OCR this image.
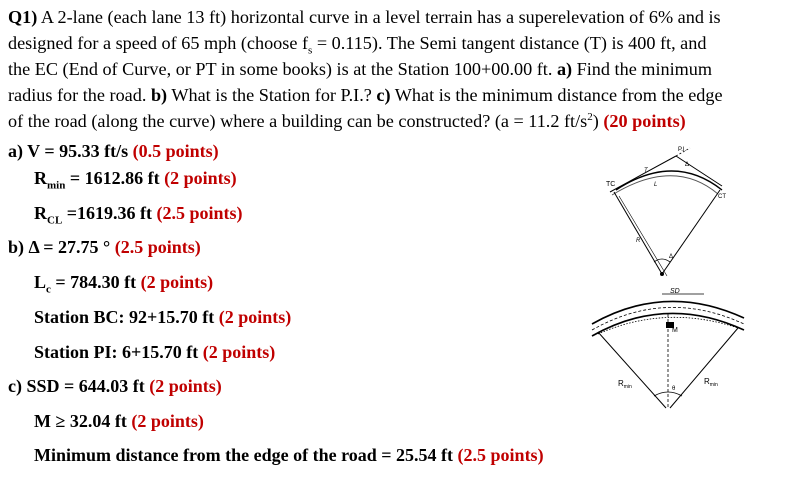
Q1) A 2-lane (each lane 13 ft) horizontal curve in a level terrain has a superelevation of 6% and is
designed for a speed of 65 mph (choose $f_s = 0.115$). The Semi tangent distance (T) is 400 ft, and
the EC (End of Curve, or PT in some books) is at the Station 100+00.00 ft. a) Find the minimum
radius for the road. b) What is the Station for P.I.? c) What is the minimum distance from the edge
of the road (along the curve) where a building can be constructed? (a = 11.2 $ft/s^2$) (20 points)
a) V = 95.33 ft/s (0.5 points)
$R_{min} = 1612.86$ ft (2 points)
$R_{CL} =1619.36$ ft (2.5 points)
b) Δ = 27.75 ° (2.5 points)
$L_c = 784.30$ ft (2 points)
Station BC: 92+15.70 ft (2 points)
Station PI: 6+15.70 ft (2 points)
c) SSD = 644.03 ft (2 points)
M ≥ 32.04 ft (2 points)
Minimum distance from the edge of the road = 25.54 ft (2.5 points)
P.I.
Δ
TC
CT
T
L
R
Δ
SD
M
$R_{min}$
$R_{min}$
θ
